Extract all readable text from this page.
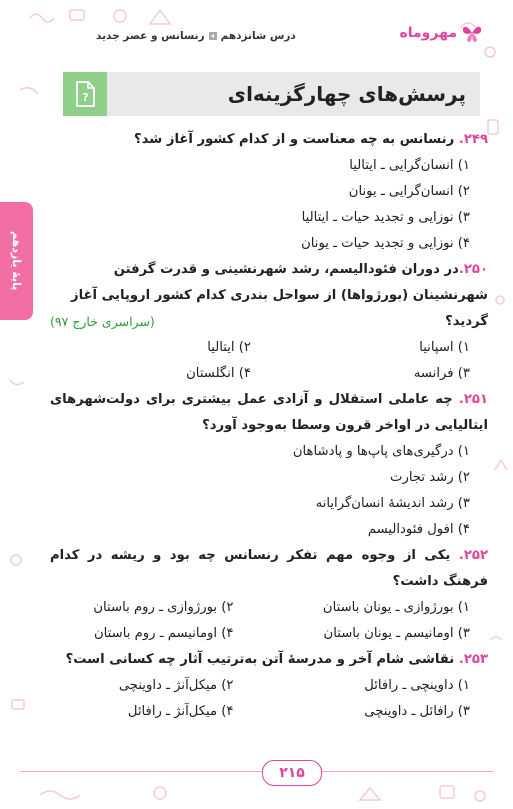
مهروماه
درس شانزدهم
رنسانس و عصر جدید
پرسش‌های چهارگزینه‌ای
?
پایهٔ یازدهم
۲۴۹. رنسانس به چه معناست و از کدام کشور آغاز شد؟
۱) انسان‌گرایی ـ ایتالیا
۲) انسان‌گرایی ـ یونان
۳) نوزایی و تجدید حیات ـ ایتالیا
۴) نوزایی و تجدید حیات ـ یونان
۲۵۰.در دوران فئودالیسم، رشد شهرنشینی و قدرت گرفتن
شهرنشینان (بورژواها) از سواحل بندری کدام کشور اروپایی آغاز
گردید؟
(سراسری خارج ۹۷)
۱) اسپانیا
۲) ایتالیا
۳) فرانسه
۴) انگلستان
۲۵۱. چه عاملی استقلال و آزادی عمل بیشتری برای دولت‌شهرهای ایتالیایی در اواخر قرون وسطا به‌وجود آورد؟
۱) درگیری‌های پاپ‌ها و پادشاهان
۲) رشد تجارت
۳) رشد اندیشهٔ انسان‌گرایانه
۴) افول فئودالیسم
۲۵۲. یکی از وجوه مهم تفکر رنسانس چه بود و ریشه در کدام فرهنگ داشت؟
۱) بورژوازی ـ یونان باستان
۲) بورژوازی ـ روم باستان
۳) اومانیسم ـ یونان باستان
۴) اومانیسم ـ روم باستان
۲۵۳. نقاشی شام آخر و مدرسهٔ آتن به‌ترتیب آثار چه کسانی است؟
۱) داوینچی ـ رافائل
۲) میکل‌آنژ ـ داوینچی
۳) رافائل ـ داوینچی
۴) میکل‌آنژ ـ رافائل
۲۱۵
